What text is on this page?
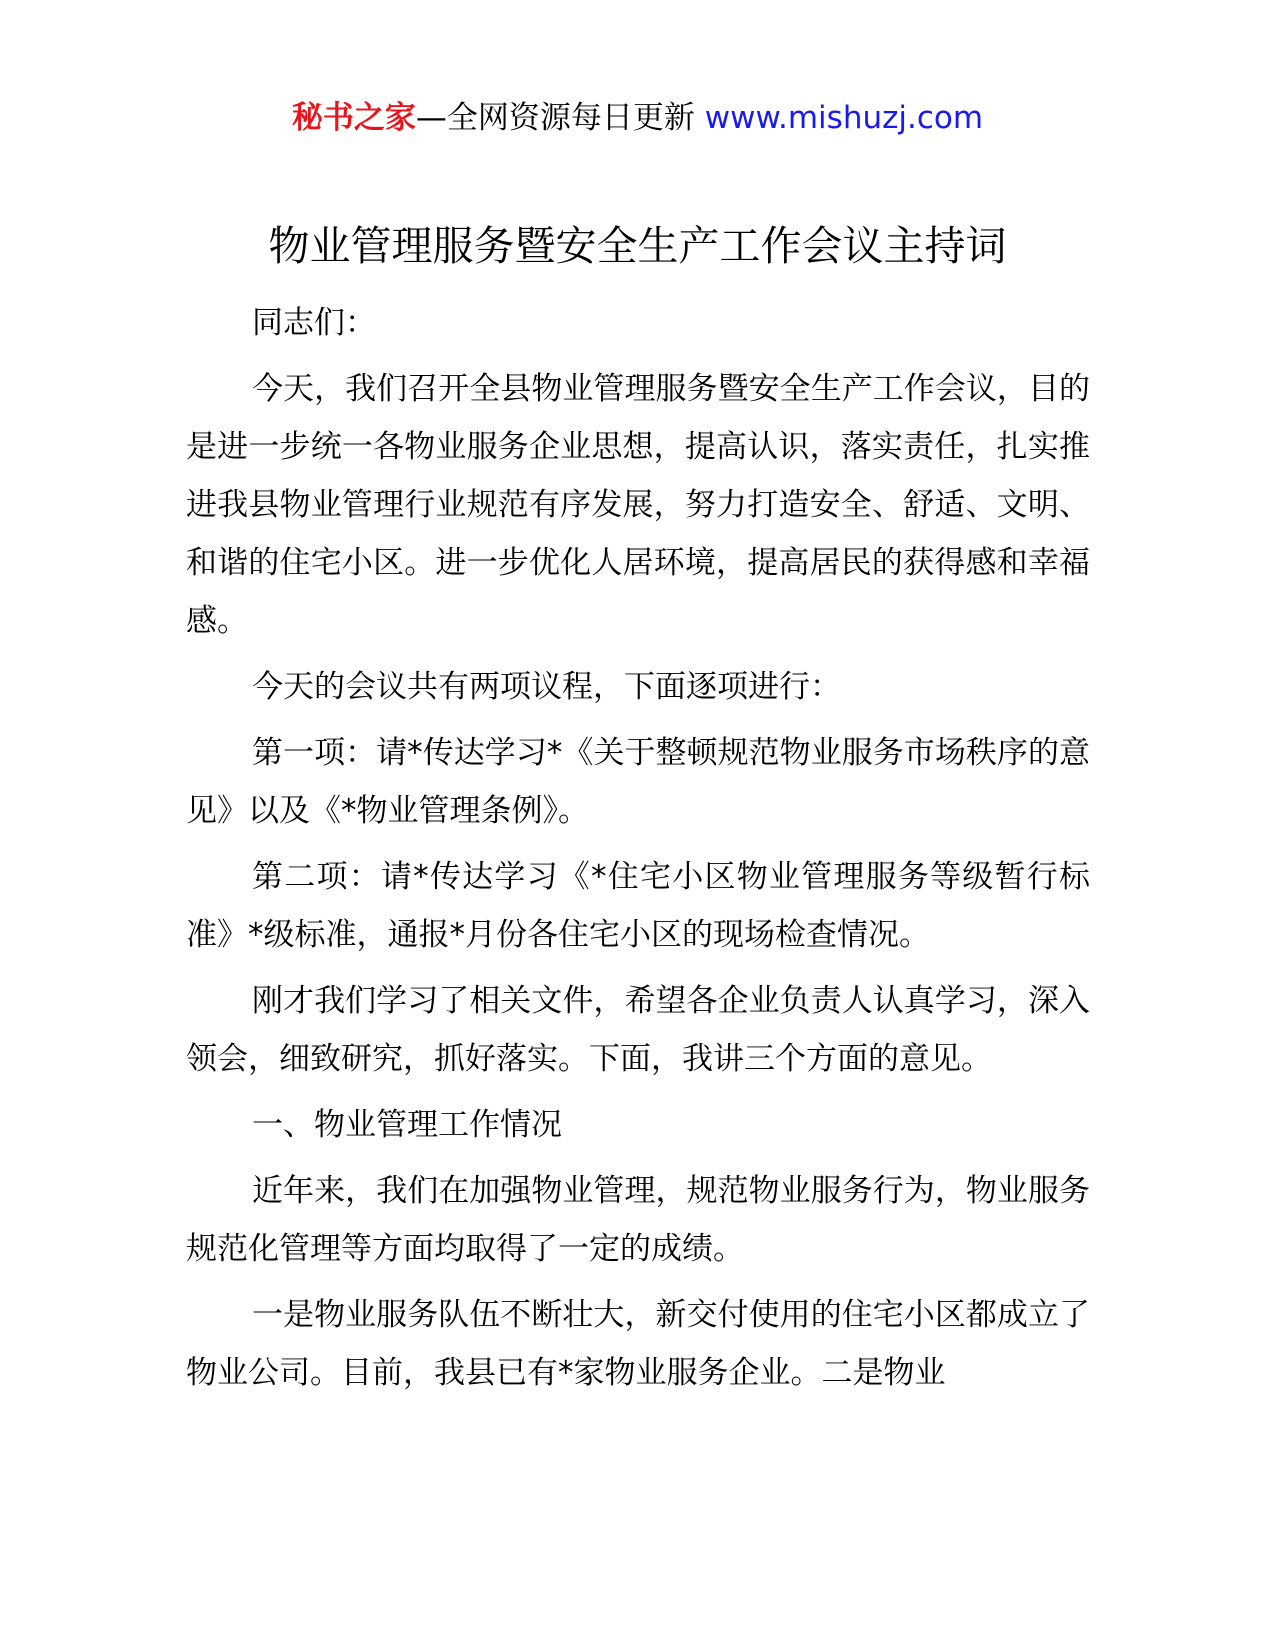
秘书之家—全网资源每日更新 www.mishuzj.com
物业管理服务暨安全生产工作会议主持词

同志们：

今天，我们召开全县物业管理服务暨安全生产工作会议，目的是进一步统一各物业服务企业思想，提高认识，落实责任，扎实推进我县物业管理行业规范有序发展，努力打造安全、舒适、文明、和谐的住宅小区。进一步优化人居环境，提高居民的获得感和幸福感。

今天的会议共有两项议程，下面逐项进行：

第一项：请*传达学习*《关于整顿规范物业服务市场秩序的意见》以及《*物业管理条例》。

第二项：请*传达学习《*住宅小区物业管理服务等级暂行标准》*级标准，通报*月份各住宅小区的现场检查情况。

刚才我们学习了相关文件，希望各企业负责人认真学习，深入领会，细致研究，抓好落实。下面，我讲三个方面的意见。

一、物业管理工作情况

近年来，我们在加强物业管理，规范物业服务行为，物业服务规范化管理等方面均取得了一定的成绩。

一是物业服务队伍不断壮大，新交付使用的住宅小区都成立了物业公司。目前，我县已有*家物业服务企业。二是物业
